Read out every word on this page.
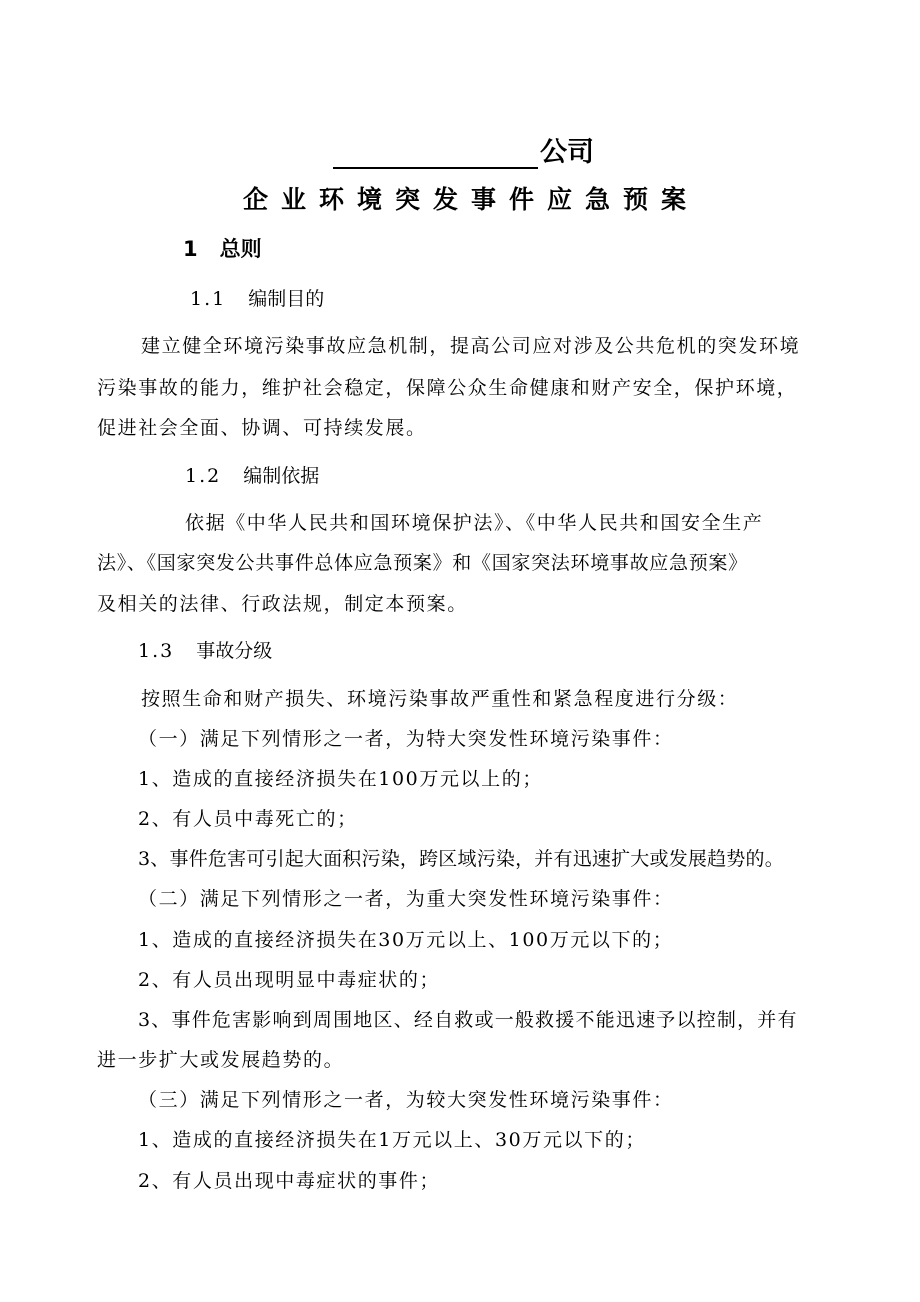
公司
企业环境突发事件应急预案
1 总则
1.1 编制目的
建立健全环境污染事故应急机制，提高公司应对涉及公共危机的突发环境
污染事故的能力，维护社会稳定，保障公众生命健康和财产安全，保护环境，
促进社会全面、协调、可持续发展。
1.2 编制依据
依据《中华人民共和国环境保护法》、《中华人民共和国安全生产
法》、《国家突发公共事件总体应急预案》和《国家突法环境事故应急预案》
及相关的法律、行政法规，制定本预案。
1.3 事故分级
按照生命和财产损失、环境污染事故严重性和紧急程度进行分级：
（一）满足下列情形之一者，为特大突发性环境污染事件：
1、造成的直接经济损失在100万元以上的；
2、有人员中毒死亡的；
3、事件危害可引起大面积污染，跨区域污染，并有迅速扩大或发展趋势的。
（二）满足下列情形之一者，为重大突发性环境污染事件：
1、造成的直接经济损失在30万元以上、100万元以下的；
2、有人员出现明显中毒症状的；
3、事件危害影响到周围地区、经自救或一般救援不能迅速予以控制，并有
进一步扩大或发展趋势的。
（三）满足下列情形之一者，为较大突发性环境污染事件：
1、造成的直接经济损失在1万元以上、30万元以下的；
2、有人员出现中毒症状的事件；
